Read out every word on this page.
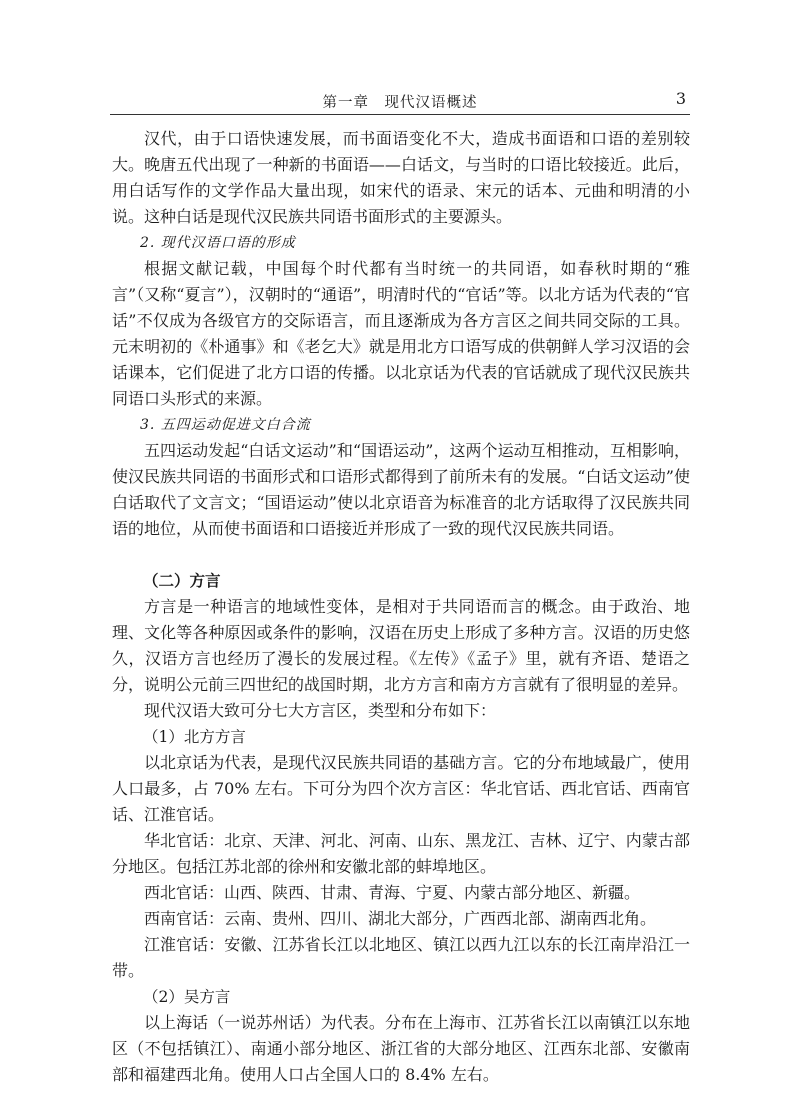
第一章　现代汉语概述	3

汉代，由于口语快速发展，而书面语变化不大，造成书面语和口语的差别较大。晚唐五代出现了一种新的书面语——白话文，与当时的口语比较接近。此后，用白话写作的文学作品大量出现，如宋代的语录、宋元的话本、元曲和明清的小说。这种白话是现代汉民族共同语书面形式的主要源头。

2. 现代汉语口语的形成

根据文献记载，中国每个时代都有当时统一的共同语，如春秋时期的“雅言”（又称“夏言”），汉朝时的“通语”，明清时代的“官话”等。以北方话为代表的“官话”不仅成为各级官方的交际语言，而且逐渐成为各方言区之间共同交际的工具。元末明初的《朴通事》和《老乞大》就是用北方口语写成的供朝鲜人学习汉语的会话课本，它们促进了北方口语的传播。以北京话为代表的官话就成了现代汉民族共同语口头形式的来源。

3. 五四运动促进文白合流

五四运动发起“白话文运动”和“国语运动”，这两个运动互相推动，互相影响，使汉民族共同语的书面形式和口语形式都得到了前所未有的发展。“白话文运动”使白话取代了文言文；“国语运动”使以北京语音为标准音的北方话取得了汉民族共同语的地位，从而使书面语和口语接近并形成了一致的现代汉民族共同语。

（二）方言

方言是一种语言的地域性变体，是相对于共同语而言的概念。由于政治、地理、文化等各种原因或条件的影响，汉语在历史上形成了多种方言。汉语的历史悠久，汉语方言也经历了漫长的发展过程。《左传》《孟子》里，就有齐语、楚语之分，说明公元前三四世纪的战国时期，北方方言和南方方言就有了很明显的差异。

现代汉语大致可分七大方言区，类型和分布如下：

（1）北方方言

以北京话为代表，是现代汉民族共同语的基础方言。它的分布地域最广，使用人口最多，占 70% 左右。下可分为四个次方言区：华北官话、西北官话、西南官话、江淮官话。

华北官话：北京、天津、河北、河南、山东、黑龙江、吉林、辽宁、内蒙古部分地区。包括江苏北部的徐州和安徽北部的蚌埠地区。

西北官话：山西、陕西、甘肃、青海、宁夏、内蒙古部分地区、新疆。

西南官话：云南、贵州、四川、湖北大部分，广西西北部、湖南西北角。

江淮官话：安徽、江苏省长江以北地区、镇江以西九江以东的长江南岸沿江一带。

（2）吴方言

以上海话（一说苏州话）为代表。分布在上海市、江苏省长江以南镇江以东地区（不包括镇江）、南通小部分地区、浙江省的大部分地区、江西东北部、安徽南部和福建西北角。使用人口占全国人口的 8.4% 左右。
